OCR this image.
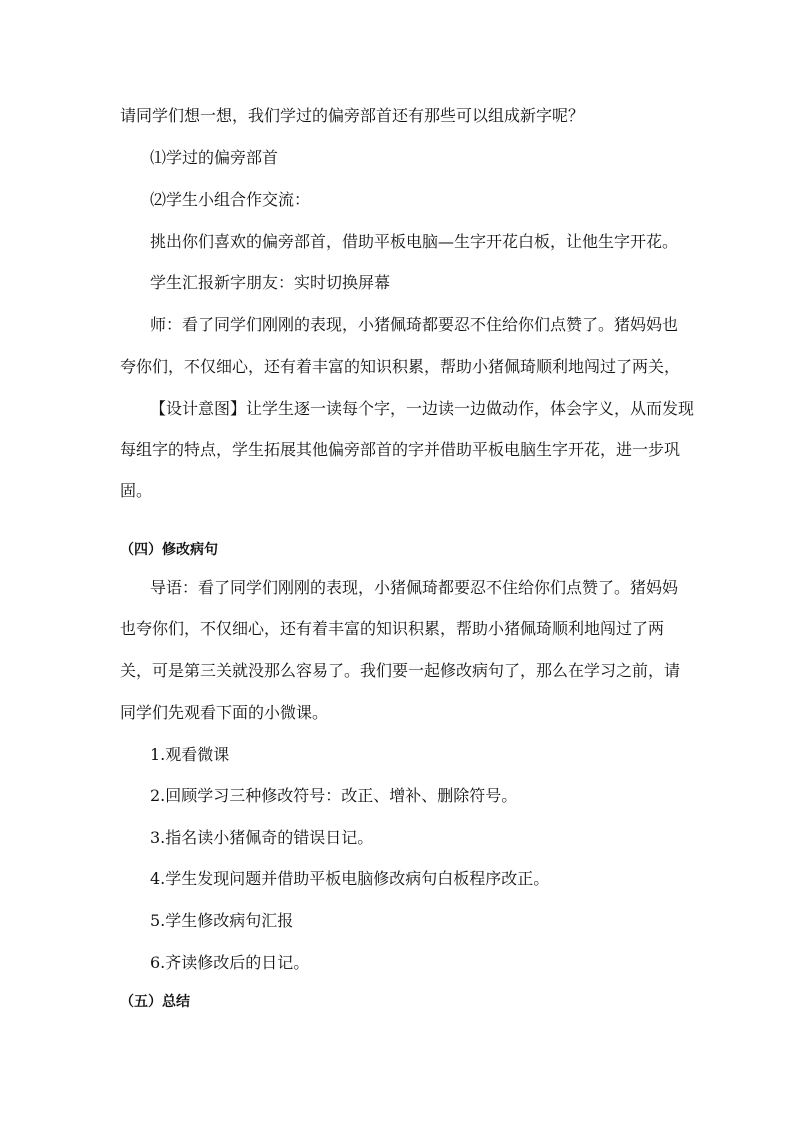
请同学们想一想，我们学过的偏旁部首还有那些可以组成新字呢？
⑴学过的偏旁部首
⑵学生小组合作交流：
挑出你们喜欢的偏旁部首，借助平板电脑—生字开花白板，让他生字开花。
学生汇报新字朋友：实时切换屏幕
师：看了同学们刚刚的表现，小猪佩琦都要忍不住给你们点赞了。猪妈妈也
夸你们，不仅细心，还有着丰富的知识积累，帮助小猪佩琦顺利地闯过了两关，
【设计意图】让学生逐一读每个字，一边读一边做动作，体会字义，从而发现
每组字的特点，学生拓展其他偏旁部首的字并借助平板电脑生字开花，进一步巩
固。
（四）修改病句
导语：看了同学们刚刚的表现，小猪佩琦都要忍不住给你们点赞了。猪妈妈
也夸你们，不仅细心，还有着丰富的知识积累，帮助小猪佩琦顺利地闯过了两
关，可是第三关就没那么容易了。我们要一起修改病句了，那么在学习之前，请
同学们先观看下面的小微课。
1.观看微课
2.回顾学习三种修改符号：改正、增补、删除符号。
3.指名读小猪佩奇的错误日记。
4.学生发现问题并借助平板电脑修改病句白板程序改正。
5.学生修改病句汇报
6.齐读修改后的日记。
（五）总结
